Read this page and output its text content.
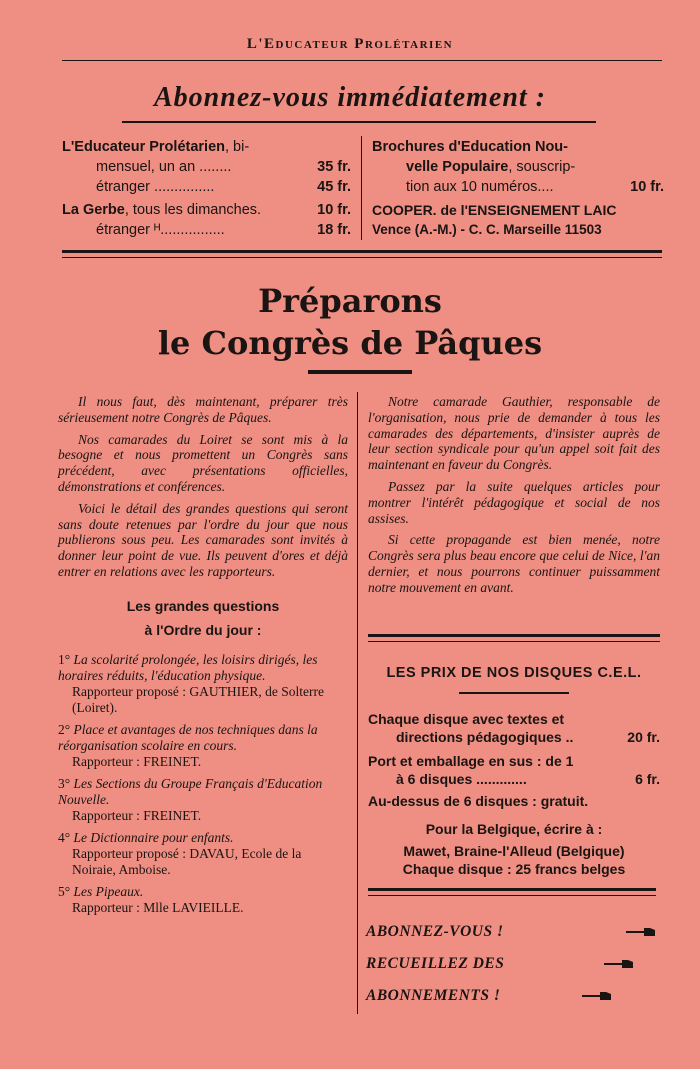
L'Educateur Prolétarien
Abonnez-vous immédiatement :
L'Educateur Prolétarien, bi-
mensuel, un an ........	35 fr.
étranger ...............	45 fr.
La Gerbe, tous les dimanches.	10 fr.
étranger ᴴ................	18 fr.
Brochures d'Education Nou-
velle Populaire, souscrip-
tion aux 10 numéros....	10 fr.
COOPER. de l'ENSEIGNEMENT LAIC
Vence (A.-M.) - C. C. Marseille 11503
Préparons
le Congrès de Pâques

Il nous faut, dès maintenant, préparer très sérieusement notre Congrès de Pâques.

Nos camarades du Loiret se sont mis à la besogne et nous promettent un Congrès sans précédent, avec présentations officielles, démonstrations et conférences.

Voici le détail des grandes questions qui seront sans doute retenues par l'ordre du jour que nous publierons sous peu. Les camarades sont invités à donner leur point de vue. Ils peuvent d'ores et déjà entrer en relations avec les rapporteurs.

Les grandes questions
à l'Ordre du jour :
1° La scolarité prolongée, les loisirs dirigés, les horaires réduits, l'éducation physique.
Rapporteur proposé : GAUTHIER, de Solterre (Loiret).
2° Place et avantages de nos techniques dans la réorganisation scolaire en cours.
Rapporteur : FREINET.
3° Les Sections du Groupe Français d'Education Nouvelle.
Rapporteur : FREINET.
4° Le Dictionnaire pour enfants.
Rapporteur proposé : DAVAU, Ecole de la Noiraie, Amboise.
5° Les Pipeaux.
Rapporteur : Mlle LAVIEILLE.

Notre camarade Gauthier, responsable de l'organisation, nous prie de demander à tous les camarades des départements, d'insister auprès de leur section syndicale pour qu'un appel soit fait des maintenant en faveur du Congrès.

Passez par la suite quelques articles pour montrer l'intérêt pédagogique et social de nos assises.

Si cette propagande est bien menée, notre Congrès sera plus beau encore que celui de Nice, l'an dernier, et nous pourrons continuer puissamment notre mouvement en avant.

LES PRIX DE NOS DISQUES C.E.L.
Chaque disque avec textes et
directions pédagogiques ..	20 fr.
Port et emballage en sus : de 1
à 6 disques .............	6 fr.
Au-dessus de 6 disques : gratuit.
Pour la Belgique, écrire à :
Mawet, Braine-l'Alleud (Belgique)
Chaque disque : 25 francs belges
ABONNEZ-VOUS !
RECUEILLEZ DES
ABONNEMENTS !
